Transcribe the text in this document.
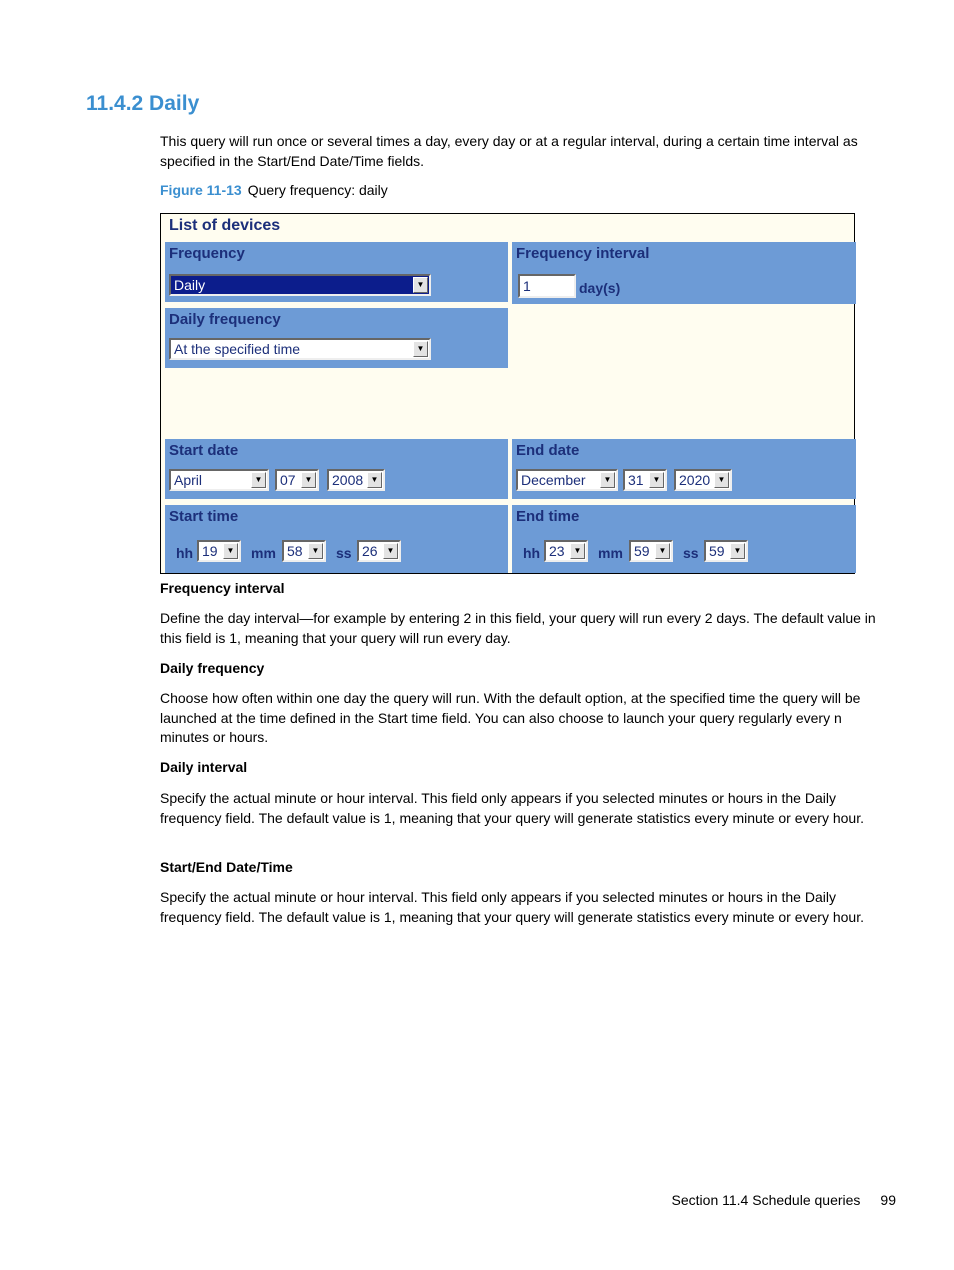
11.4.2 Daily

This query will run once or several times a day, every day or at a regular interval, during a certain time interval as specified in the Start/End Date/Time fields.

Figure 11-13 Query frequency: daily
List of devices
Frequency
Daily	▼
Frequency interval
1	day(s)
Daily frequency
At the specified time	▼
Start date
April	▼	07	▼	2008 ▼
End date
December	▼	31	▼	2020 ▼
Start time
hh 19	▼ mm 58	▼ ss 26	▼
End time
hh 23	▼ mm 59	▼ ss 59	▼
Frequency interval

Define the day interval—for example by entering 2 in this field, your query will run every 2 days. The default value in this field is 1, meaning that your query will run every day.

Daily frequency

Choose how often within one day the query will run. With the default option, at the specified time the query will be launched at the time defined in the Start time field. You can also choose to launch your query regularly every n minutes or hours.

Daily interval

Specify the actual minute or hour interval. This field only appears if you selected minutes or hours in the Daily frequency field. The default value is 1, meaning that your query will generate statistics every minute or every hour.

Start/End Date/Time

Specify the actual minute or hour interval. This field only appears if you selected minutes or hours in the Daily frequency field. The default value is 1, meaning that your query will generate statistics every minute or every hour.

Section 11.4 Schedule queries 99
